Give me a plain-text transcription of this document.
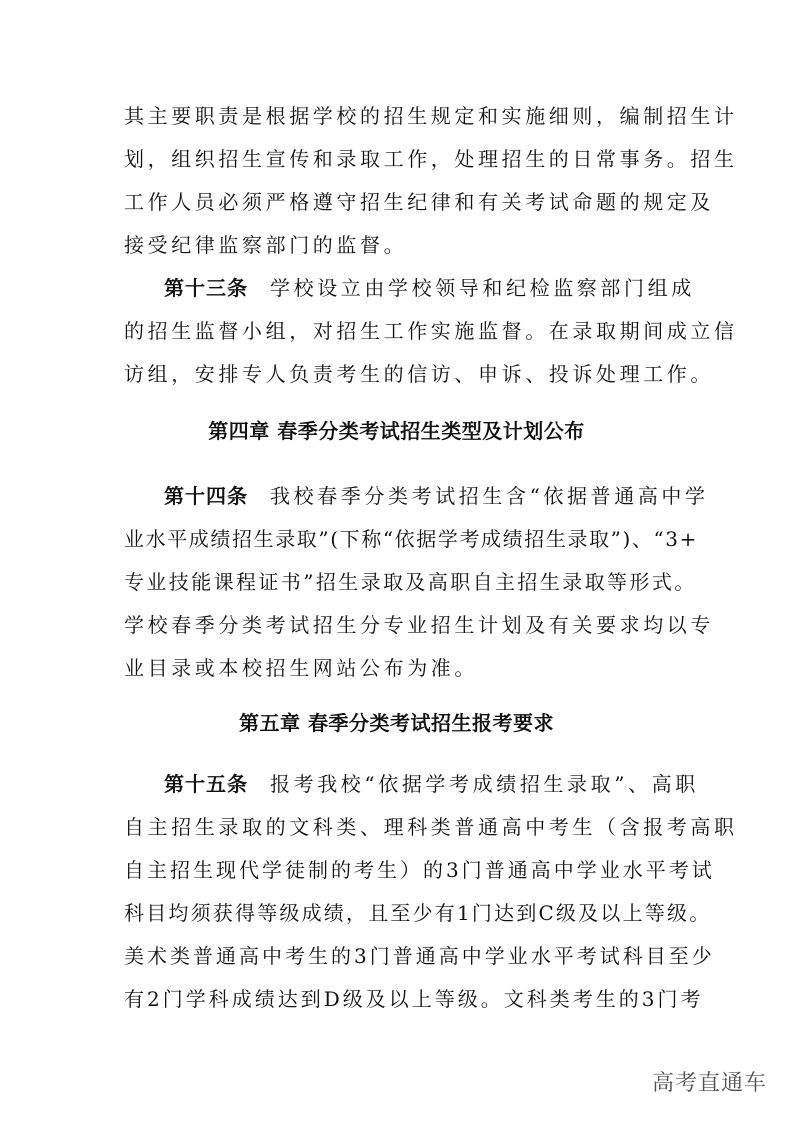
其主要职责是根据学校的招生规定和实施细则，编制招生计
划，组织招生宣传和录取工作，处理招生的日常事务。招生
工作人员必须严格遵守招生纪律和有关考试命题的规定及
接受纪律监察部门的监督。
第十三条 学校设立由学校领导和纪检监察部门组成
的招生监督小组，对招生工作实施监督。在录取期间成立信
访组，安排专人负责考生的信访、申诉、投诉处理工作。
第四章 春季分类考试招生类型及计划公布
第十四条 我校春季分类考试招生含“依据普通高中学
业水平成绩招生录取”(下称“依据学考成绩招生录取”)、“3+
专业技能课程证书”招生录取及高职自主招生录取等形式。
学校春季分类考试招生分专业招生计划及有关要求均以专
业目录或本校招生网站公布为准。
第五章 春季分类考试招生报考要求
第十五条 报考我校“依据学考成绩招生录取”、高职
自主招生录取的文科类、理科类普通高中考生（含报考高职
自主招生现代学徒制的考生）的3门普通高中学业水平考试
科目均须获得等级成绩，且至少有1门达到C级及以上等级。
美术类普通高中考生的3门普通高中学业水平考试科目至少
有2门学科成绩达到D级及以上等级。文科类考生的3门考
高考直通车
